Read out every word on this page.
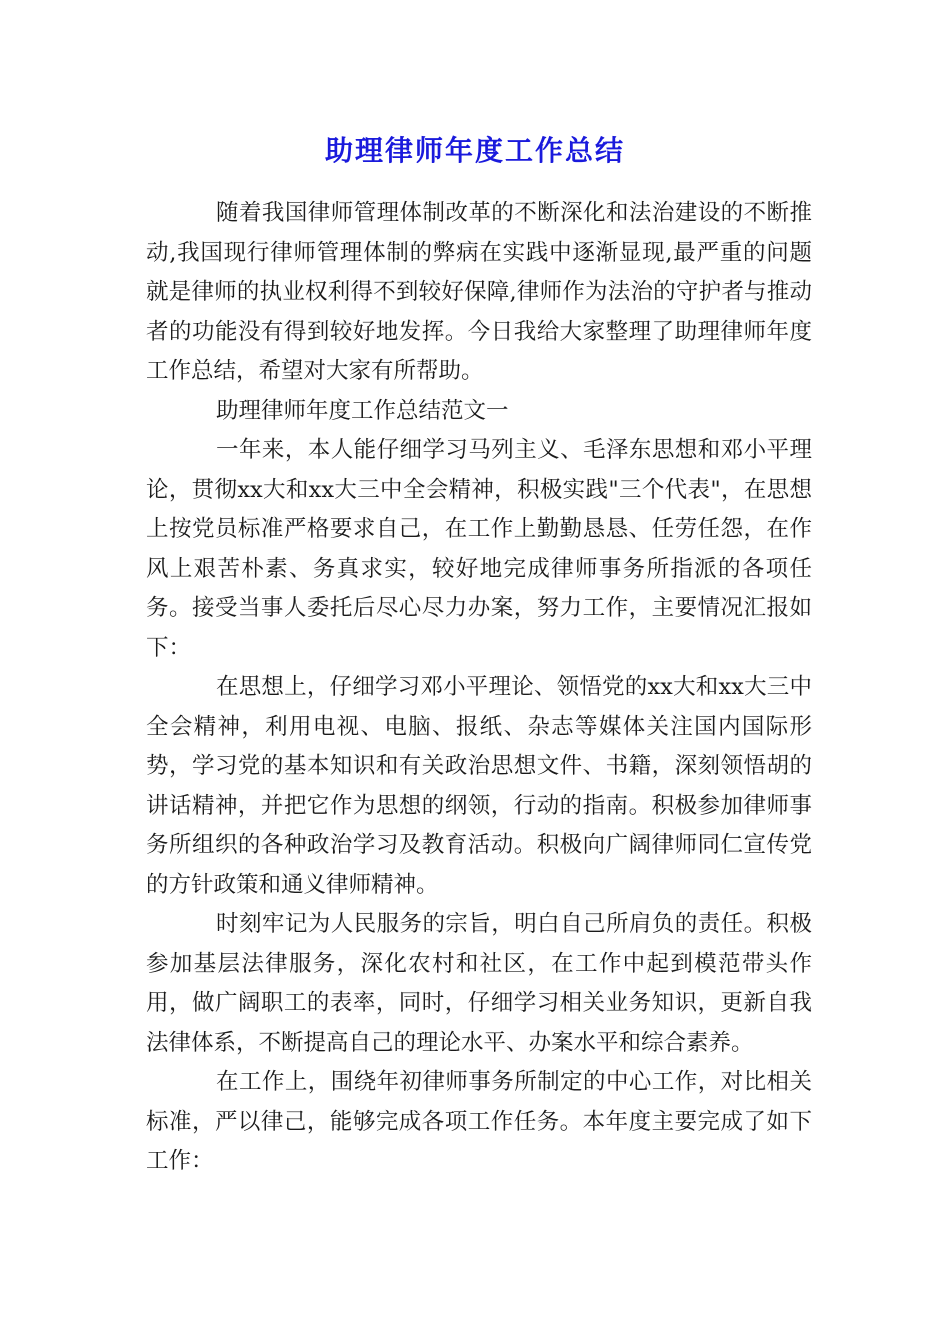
助理律师年度工作总结

随着我国律师管理体制改革的不断深化和法治建设的不断推动,我国现行律师管理体制的弊病在实践中逐渐显现,最严重的问题就是律师的执业权利得不到较好保障,律师作为法治的守护者与推动者的功能没有得到较好地发挥。今日我给大家整理了助理律师年度工作总结，希望对大家有所帮助。

助理律师年度工作总结范文一

一年来，本人能仔细学习马列主义、毛泽东思想和邓小平理论，贯彻xx大和xx大三中全会精神，积极实践"三个代表"，在思想上按党员标准严格要求自己，在工作上勤勤恳恳、任劳任怨，在作风上艰苦朴素、务真求实，较好地完成律师事务所指派的各项任务。接受当事人委托后尽心尽力办案，努力工作，主要情况汇报如下：

在思想上，仔细学习邓小平理论、领悟党的xx大和xx大三中全会精神，利用电视、电脑、报纸、杂志等媒体关注国内国际形势，学习党的基本知识和有关政治思想文件、书籍，深刻领悟胡的讲话精神，并把它作为思想的纲领，行动的指南。积极参加律师事务所组织的各种政治学习及教育活动。积极向广阔律师同仁宣传党的方针政策和通义律师精神。

时刻牢记为人民服务的宗旨，明白自己所肩负的责任。积极参加基层法律服务，深化农村和社区，在工作中起到模范带头作用，做广阔职工的表率，同时，仔细学习相关业务知识，更新自我法律体系，不断提高自己的理论水平、办案水平和综合素养。

在工作上，围绕年初律师事务所制定的中心工作，对比相关标准，严以律己，能够完成各项工作任务。本年度主要完成了如下工作：
